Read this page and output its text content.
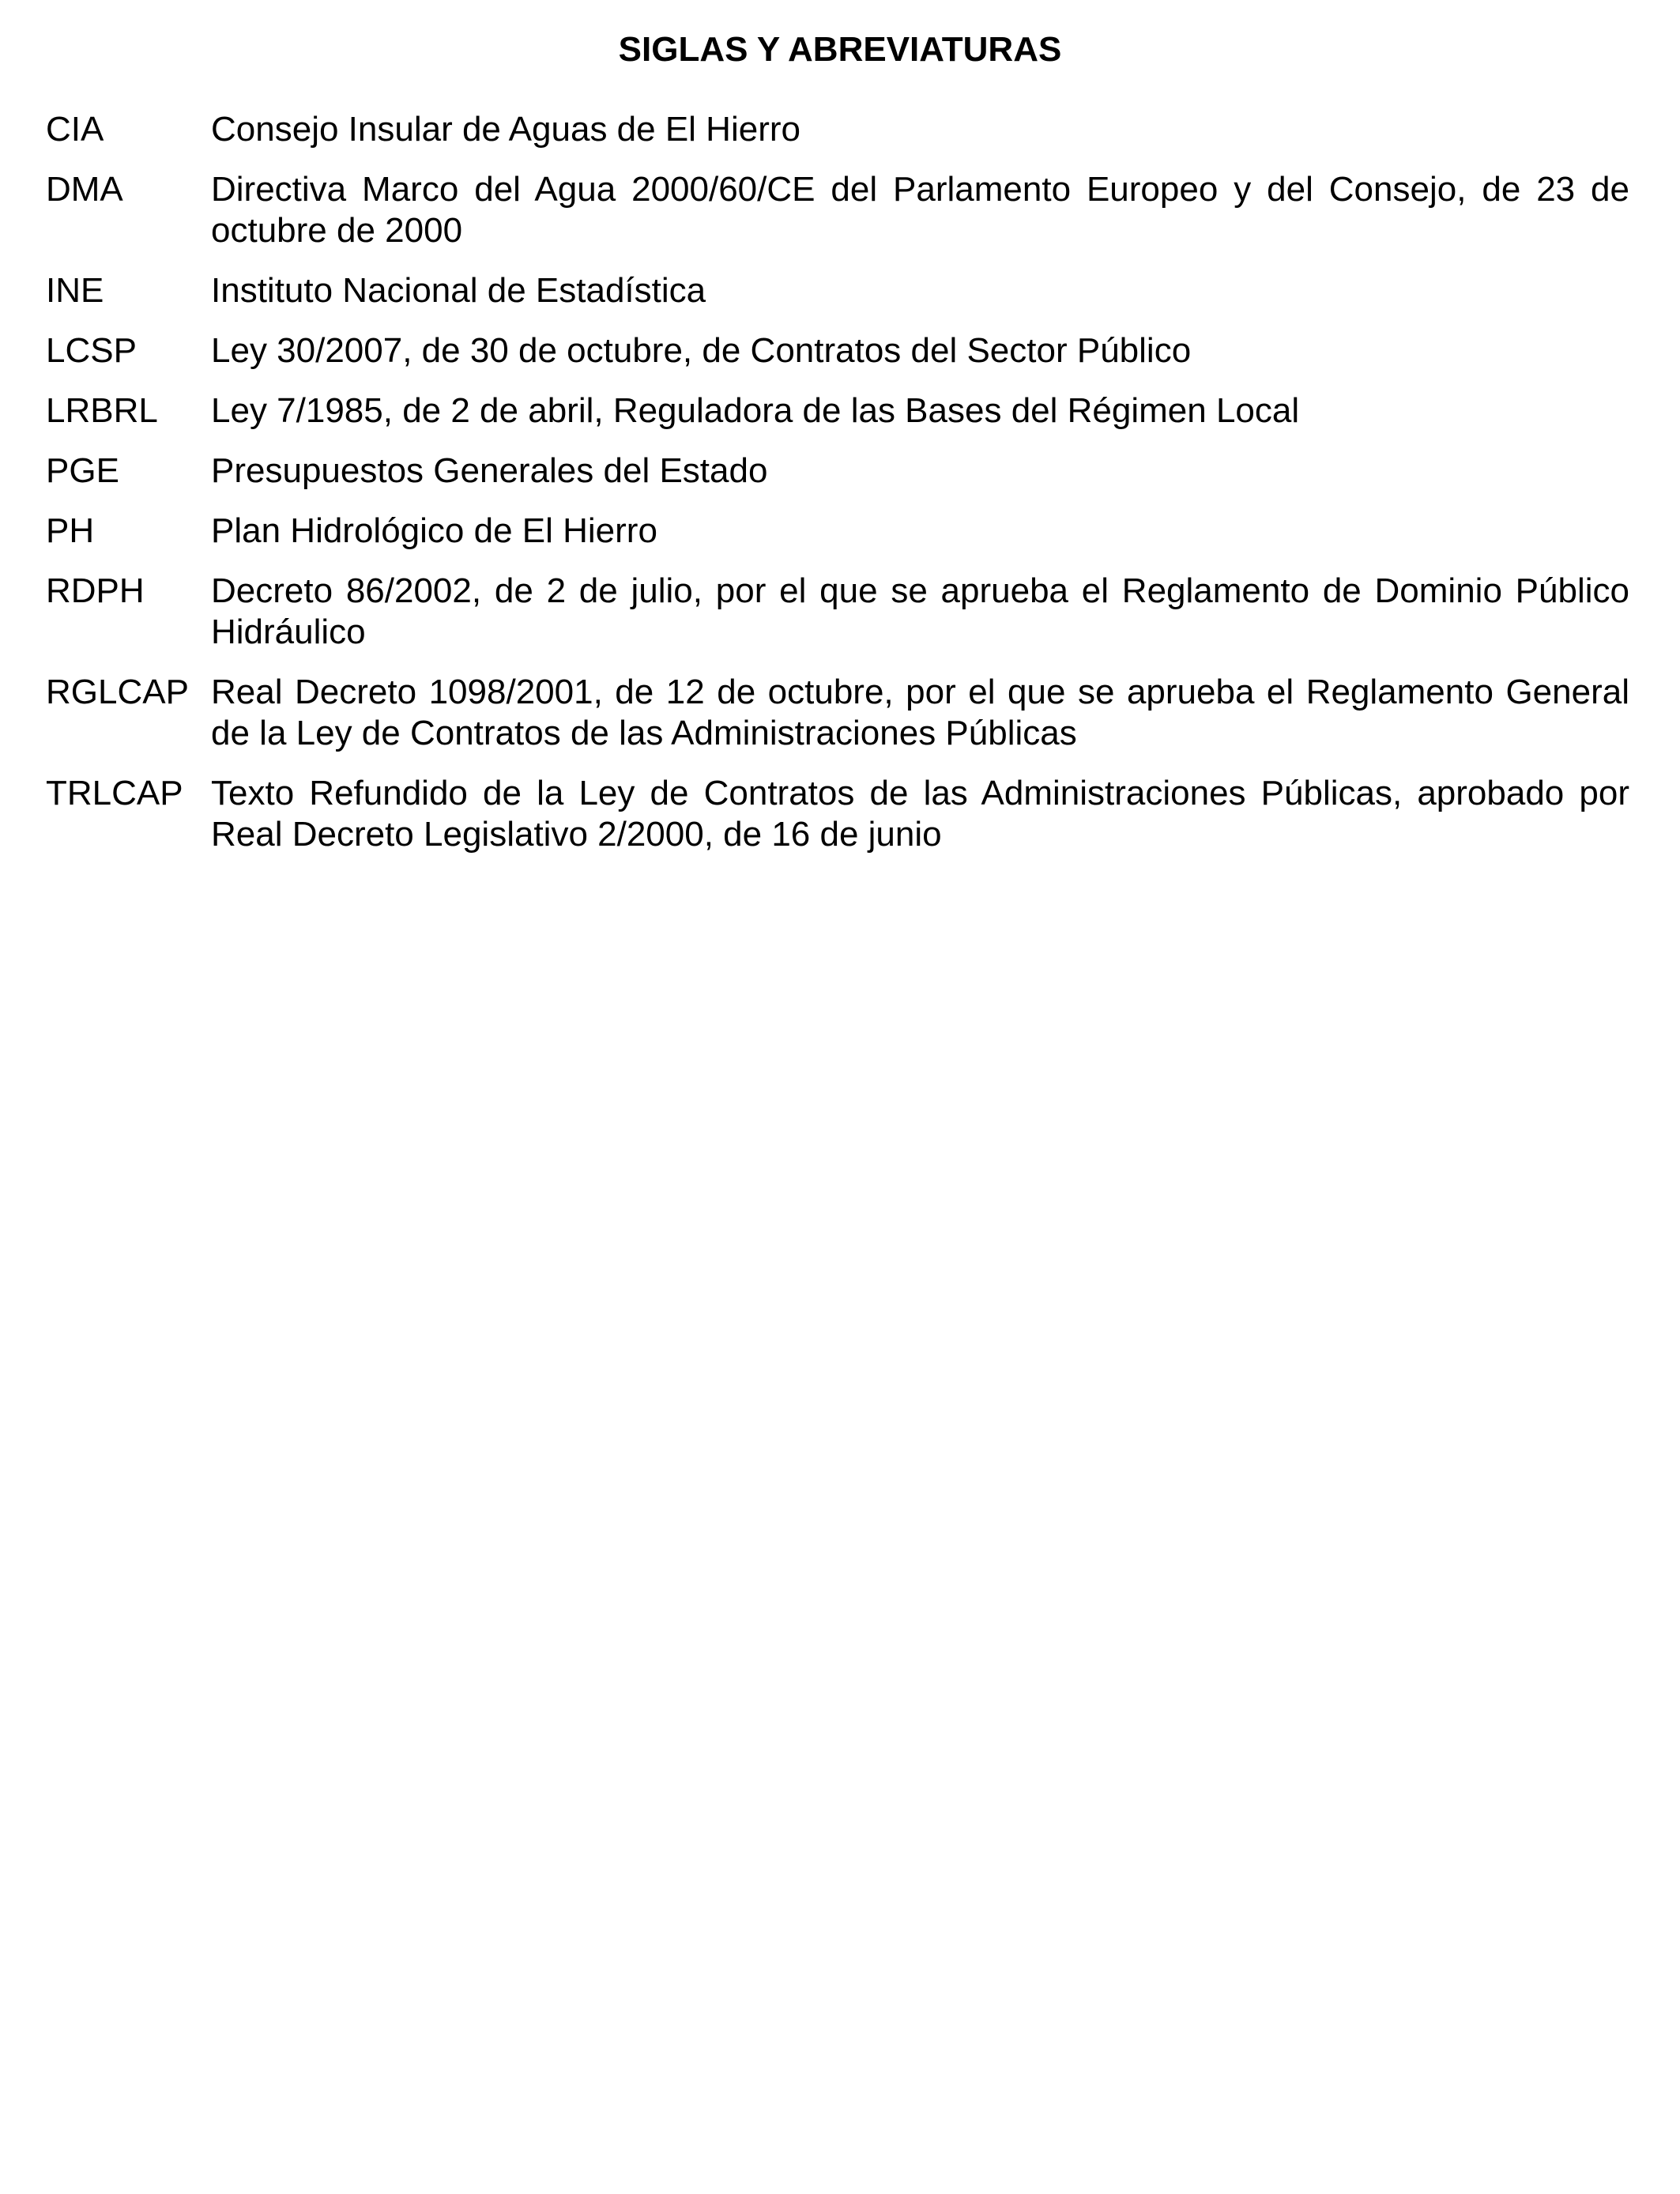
SIGLAS Y ABREVIATURAS
CIA	Consejo Insular de Aguas de El Hierro
DMA	Directiva Marco del Agua 2000/60/CE del Parlamento Europeo y del Consejo, de 23 de octubre de 2000
INE	Instituto Nacional de Estadística
LCSP	Ley 30/2007, de 30 de octubre, de Contratos del Sector Público
LRBRL	Ley 7/1985, de 2 de abril, Reguladora de las Bases del Régimen Local
PGE	Presupuestos Generales del Estado
PH	Plan Hidrológico de El Hierro
RDPH	Decreto 86/2002, de 2 de julio, por el que se aprueba el Reglamento de Dominio Público Hidráulico
RGLCAP Real Decreto 1098/2001, de 12 de octubre, por el que se aprueba el Reglamento General de la Ley de Contratos de las Administraciones Públicas
TRLCAP Texto Refundido de la Ley de Contratos de las Administraciones Públicas, aprobado por Real Decreto Legislativo 2/2000, de 16 de junio
